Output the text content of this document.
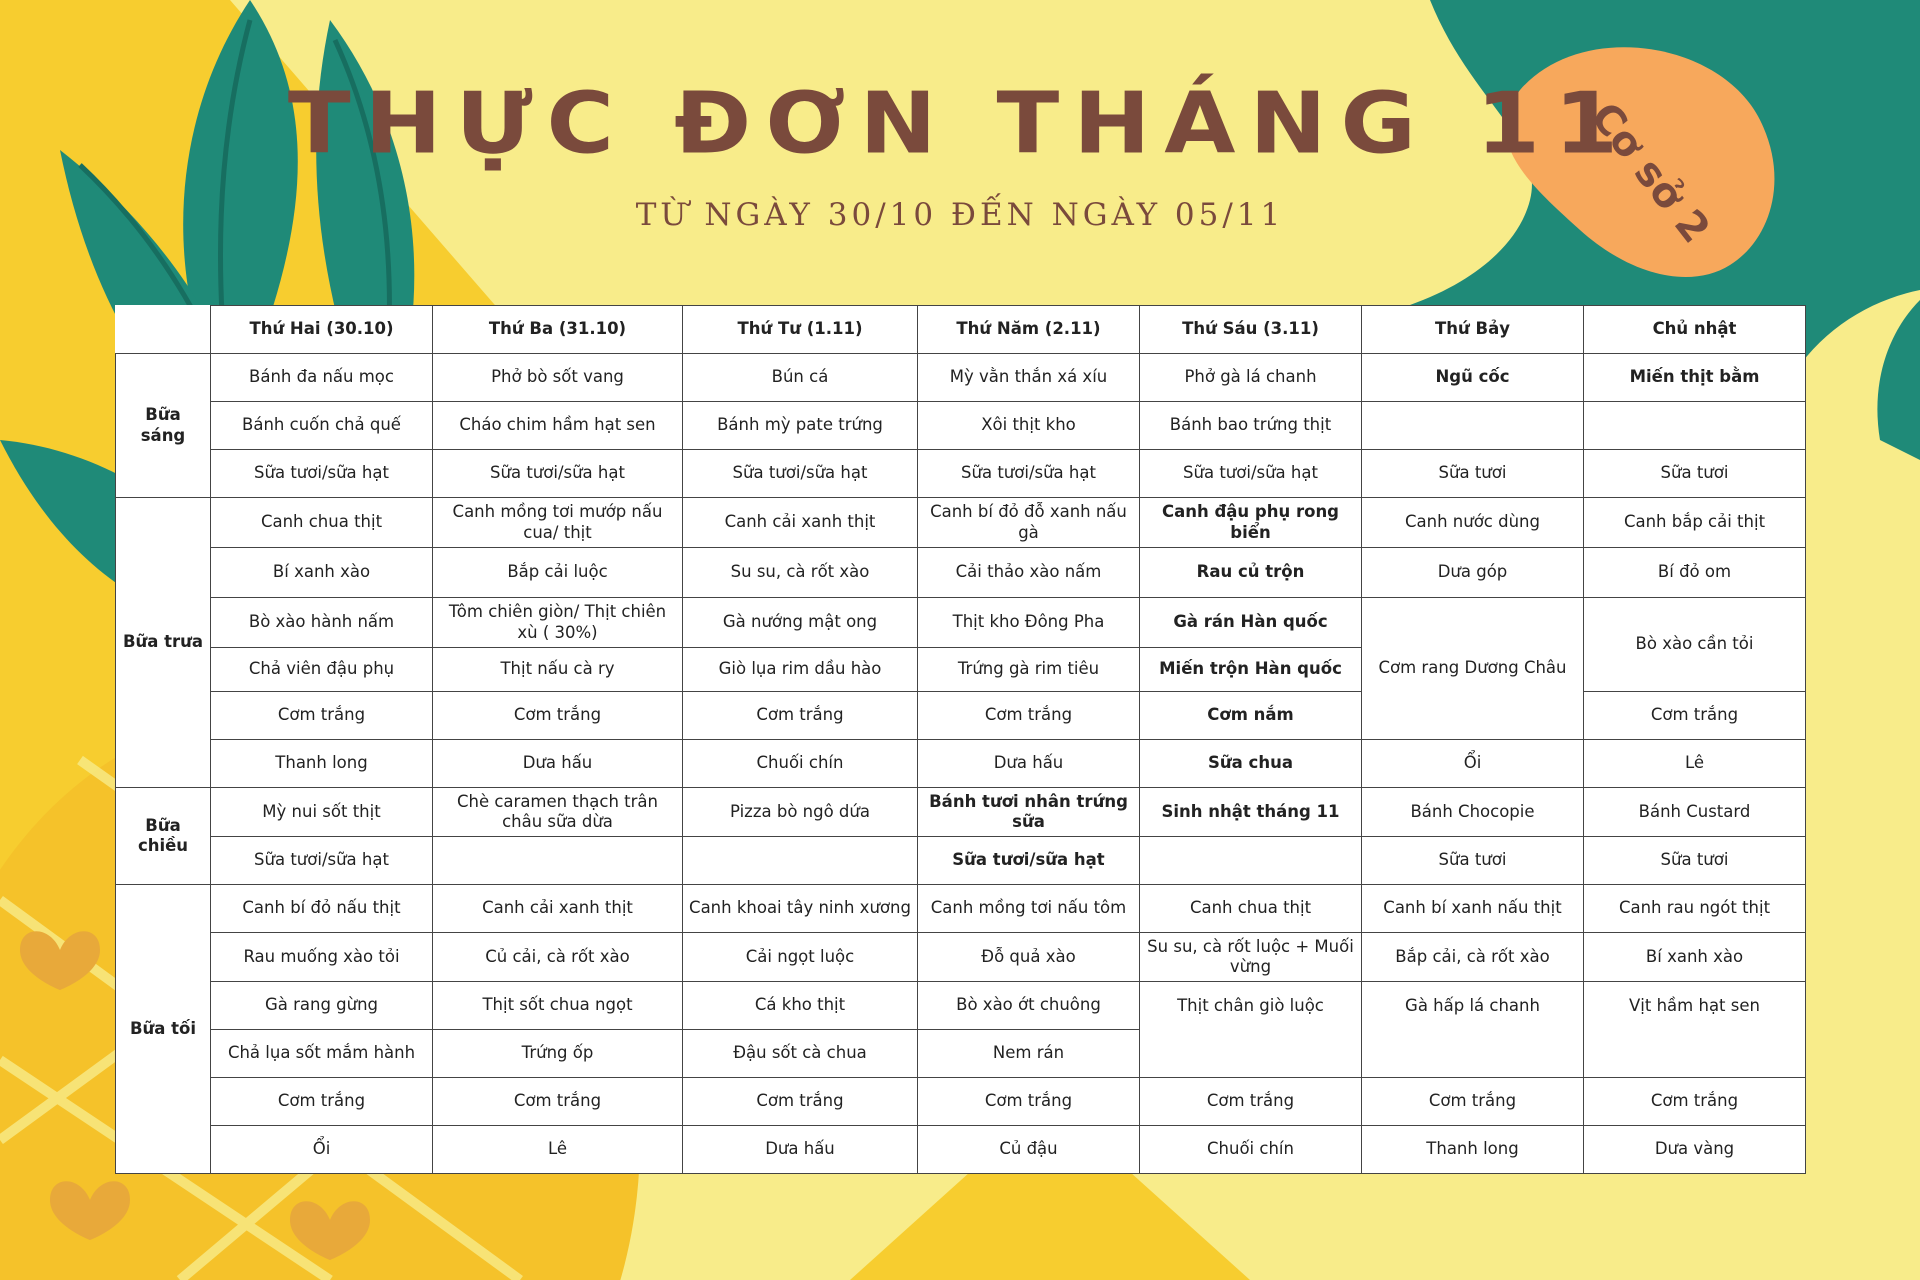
THỰC ĐƠN THÁNG 11
TỪ NGÀY 30/10 ĐẾN NGÀY 05/11	Cơ sở 2
	Thứ Hai (30.10)	Thứ Ba (31.10)	Thứ Tư (1.11)	Thứ Năm (2.11)	Thứ Sáu (3.11)	Thứ Bảy	Chủ nhật
Bữa sáng	Bánh đa nấu mọc	Phở bò sốt vang	Bún cá	Mỳ vằn thắn xá xíu	Phở gà lá chanh	Ngũ cốc	Miến thịt bằm
	Bánh cuốn chả quế	Cháo chim hầm hạt sen	Bánh mỳ pate trứng	Xôi thịt kho	Bánh bao trứng thịt		
	Sữa tươi/sữa hạt	Sữa tươi/sữa hạt	Sữa tươi/sữa hạt	Sữa tươi/sữa hạt	Sữa tươi/sữa hạt	Sữa tươi	Sữa tươi
Bữa trưa	Canh chua thịt	Canh mồng tơi mướp nấu cua/ thịt	Canh cải xanh thịt	Canh bí đỏ đỗ xanh nấu gà	Canh đậu phụ rong biển	Canh nước dùng	Canh bắp cải thịt
	Bí xanh xào	Bắp cải luộc	Su su, cà rốt xào	Cải thảo xào nấm	Rau củ trộn	Dưa góp	Bí đỏ om
	Bò xào hành nấm	Tôm chiên giòn/ Thịt chiên xù ( 30%)	Gà nướng mật ong	Thịt kho Đông Pha	Gà rán Hàn quốc	Cơm rang Dương Châu	Bò xào cần tỏi
	Chả viên đậu phụ	Thịt nấu cà ry	Giò lụa rim dầu hào	Trứng gà rim tiêu	Miến trộn Hàn quốc		
	Cơm trắng	Cơm trắng	Cơm trắng	Cơm trắng	Cơm nắm		Cơm trắng
	Thanh long	Dưa hấu	Chuối chín	Dưa hấu	Sữa chua	Ổi	Lê
Bữa chiều	Mỳ nui sốt thịt	Chè caramen thạch trân châu sữa dừa	Pizza bò ngô dứa	Bánh tươi nhân trứng sữa	Sinh nhật tháng 11	Bánh Chocopie	Bánh Custard
	Sữa tươi/sữa hạt			Sữa tươi/sữa hạt		Sữa tươi	Sữa tươi
Bữa tối	Canh bí đỏ nấu thịt	Canh cải xanh thịt	Canh khoai tây ninh xương	Canh mồng tơi nấu tôm	Canh chua thịt	Canh bí xanh nấu thịt	Canh rau ngót thịt
	Rau muống xào tỏi	Củ cải, cà rốt xào	Cải ngọt luộc	Đỗ quả xào	Su su, cà rốt luộc + Muối vừng	Bắp cải, cà rốt xào	Bí xanh xào
	Gà rang gừng	Thịt sốt chua ngọt	Cá kho thịt	Bò xào ớt chuông	Thịt chân giò luộc	Gà hấp lá chanh	Vịt hầm hạt sen
	Chả lụa sốt mắm hành	Trứng ốp	Đậu sốt cà chua	Nem rán			
	Cơm trắng	Cơm trắng	Cơm trắng	Cơm trắng	Cơm trắng	Cơm trắng	Cơm trắng
	Ổi	Lê	Dưa hấu	Củ đậu	Chuối chín	Thanh long	Dưa vàng
